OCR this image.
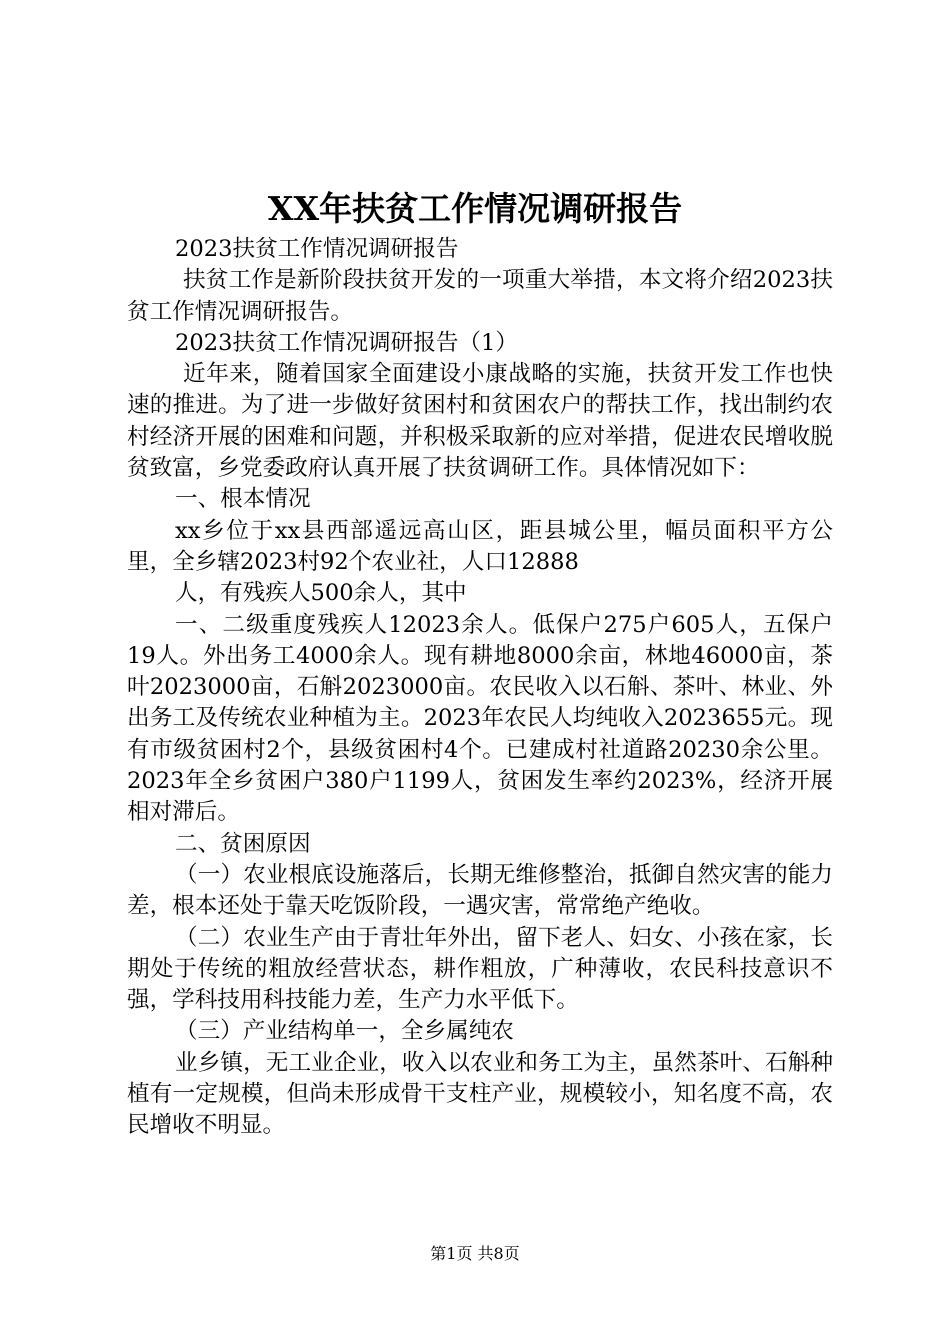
XX年扶贫工作情况调研报告

2023扶贫工作情况调研报告

扶贫工作是新阶段扶贫开发的一项重大举措，本文将介绍2023扶贫工作情况调研报告。

2023扶贫工作情况调研报告（1）

近年来，随着国家全面建设小康战略的实施，扶贫开发工作也快速的推进。为了进一步做好贫困村和贫困农户的帮扶工作，找出制约农村经济开展的困难和问题，并积极采取新的应对举措，促进农民增收脱贫致富，乡党委政府认真开展了扶贫调研工作。具体情况如下：

一、根本情况

xx乡位于xx县西部遥远高山区，距县城公里，幅员面积平方公里，全乡辖2023村92个农业社，人口12888

人，有残疾人500余人，其中

一、二级重度残疾人12023余人。低保户275户605人，五保户19人。外出务工4000余人。现有耕地8000余亩，林地46000亩，茶叶2023000亩，石斛2023000亩。农民收入以石斛、茶叶、林业、外出务工及传统农业种植为主。2023年农民人均纯收入2023655元。现有市级贫困村2个，县级贫困村4个。已建成村社道路20230余公里。2023年全乡贫困户380户1199人，贫困发生率约2023%，经济开展相对滞后。

二、贫困原因

（一）农业根底设施落后，长期无维修整治，抵御自然灾害的能力差，根本还处于靠天吃饭阶段，一遇灾害，常常绝产绝收。

（二）农业生产由于青壮年外出，留下老人、妇女、小孩在家，长期处于传统的粗放经营状态，耕作粗放，广种薄收，农民科技意识不强，学科技用科技能力差，生产力水平低下。

（三）产业结构单一，全乡属纯农

业乡镇，无工业企业，收入以农业和务工为主，虽然茶叶、石斛种植有一定规模，但尚未形成骨干支柱产业，规模较小，知名度不高，农民增收不明显。

第1页 共8页
